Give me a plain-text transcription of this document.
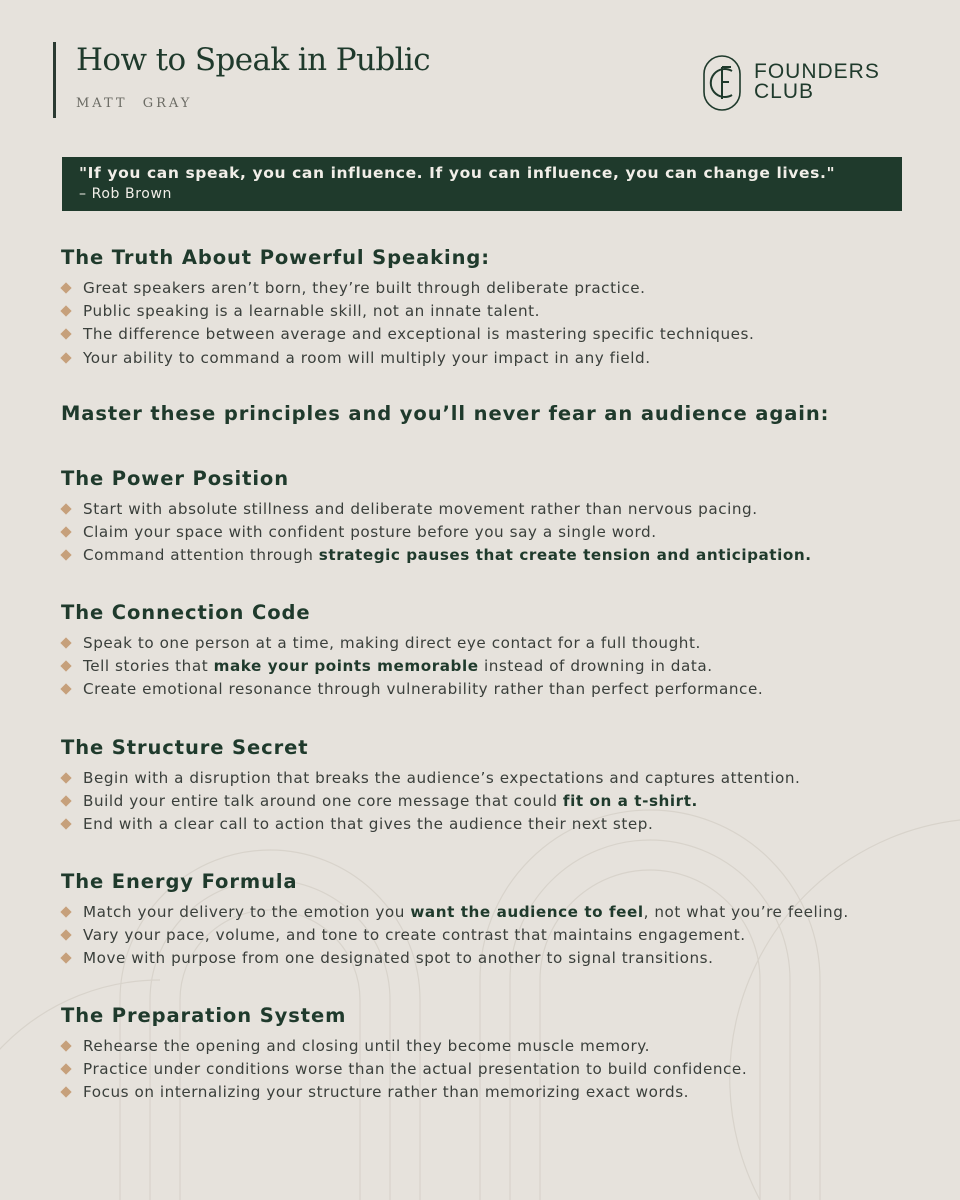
How to Speak in Public
MATT GRAY
FOUNDERS
CLUB
"If you can speak, you can influence. If you can influence, you can change lives."
– Rob Brown
The Truth About Powerful Speaking:
Great speakers aren’t born, they’re built through deliberate practice.
Public speaking is a learnable skill, not an innate talent.
The difference between average and exceptional is mastering specific techniques.
Your ability to command a room will multiply your impact in any field.
Master these principles and you’ll never fear an audience again:
The Power Position
Start with absolute stillness and deliberate movement rather than nervous pacing.
Claim your space with confident posture before you say a single word.
Command attention through strategic pauses that create tension and anticipation.
The Connection Code
Speak to one person at a time, making direct eye contact for a full thought.
Tell stories that make your points memorable instead of drowning in data.
Create emotional resonance through vulnerability rather than perfect performance.
The Structure Secret
Begin with a disruption that breaks the audience’s expectations and captures attention.
Build your entire talk around one core message that could fit on a t-shirt.
End with a clear call to action that gives the audience their next step.
The Energy Formula
Match your delivery to the emotion you want the audience to feel, not what you’re feeling.
Vary your pace, volume, and tone to create contrast that maintains engagement.
Move with purpose from one designated spot to another to signal transitions.
The Preparation System
Rehearse the opening and closing until they become muscle memory.
Practice under conditions worse than the actual presentation to build confidence.
Focus on internalizing your structure rather than memorizing exact words.
